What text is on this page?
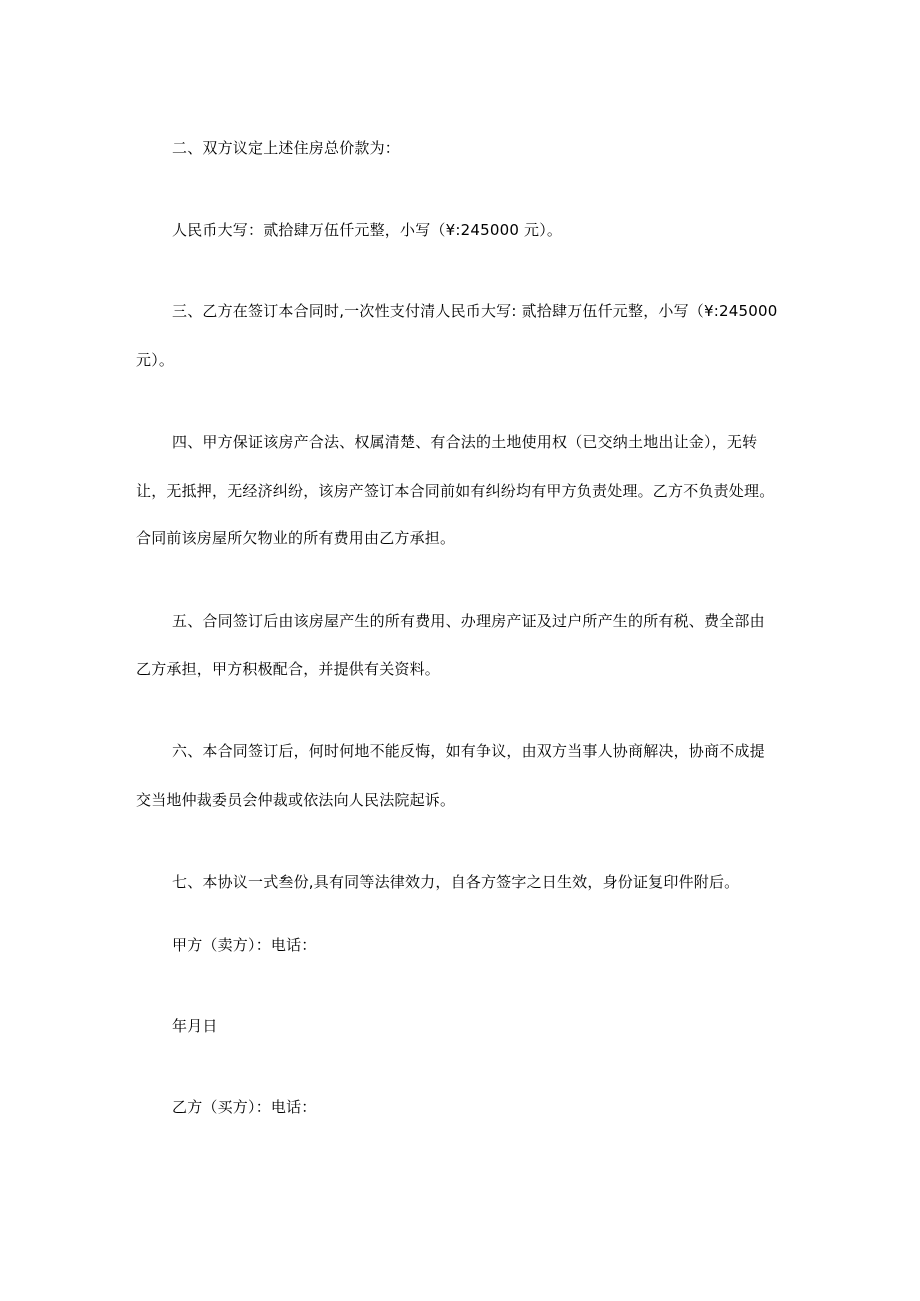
二、双方议定上述住房总价款为：
人民币大写：贰拾肆万伍仟元整，小写（¥:245000 元）。
三、乙方在签订本合同时,一次性支付清人民币大写: 贰拾肆万伍仟元整，小写（¥:245000
元）。
四、甲方保证该房产合法、权属清楚、有合法的土地使用权（已交纳土地出让金），无转
让，无抵押，无经济纠纷，该房产签订本合同前如有纠纷均有甲方负责处理。乙方不负责处理。
合同前该房屋所欠物业的所有费用由乙方承担。
五、合同签订后由该房屋产生的所有费用、办理房产证及过户所产生的所有税、费全部由
乙方承担，甲方积极配合，并提供有关资料。
六、本合同签订后，何时何地不能反悔，如有争议，由双方当事人协商解决，协商不成提
交当地仲裁委员会仲裁或依法向人民法院起诉。
七、本协议一式叁份,具有同等法律效力，自各方签字之日生效，身份证复印件附后。
甲方（卖方）：电话：
年月日
乙方（买方）：电话：
